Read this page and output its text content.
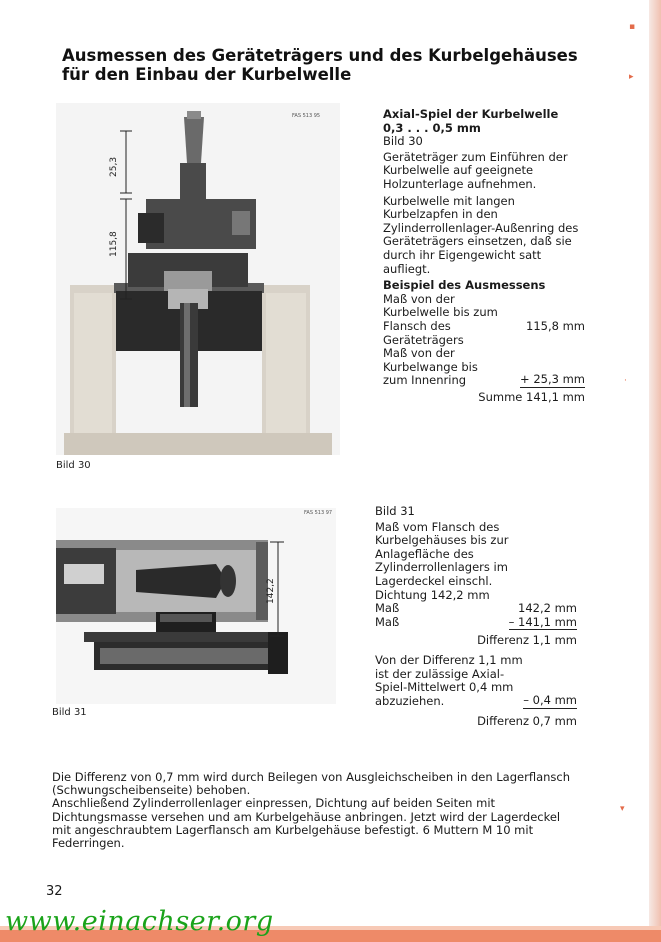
▪
▸
·
▾
Ausmessen des Geräteträgers und des Kurbelgehäuses für den Einbau der Kurbelwelle
25,3
115,8
FAS 513 95
Bild 30

Axial-Spiel der Kurbelwelle

0,3 . . . 0,5 mm

Bild 30

Geräteträger zum Einführen der Kurbelwelle auf geeignete Holzunterlage aufnehmen.

Kurbelwelle mit langen Kurbelzapfen in den Zylinderrollenlager-Außenring des Geräteträgers einsetzen, daß sie durch ihr Eigengewicht satt aufliegt.

Beispiel des Ausmessens

Maß von der Kurbelwelle bis zum Flansch des Geräteträgers
115,8 mm
Maß von der Kurbelwange bis zum Innenring	+ 25,3 mm

Summe 141,1 mm

142,2
FAS 513 97
Bild 31

Bild 31

Maß vom Flansch des Kurbelgehäuses bis zur Anlagefläche des Zylinderrollenlagers im Lagerdeckel einschl. Dichtung 142,2 mm

Maß	142,2 mm
Maß	– 141,1 mm

Differenz 1,1 mm

Von der Differenz 1,1 mm ist der zulässige Axial-Spiel-Mittelwert 0,4 mm abzuziehen.	– 0,4 mm

Differenz 0,7 mm

Die Differenz von 0,7 mm wird durch Beilegen von Ausgleichscheiben in den Lagerflansch (Schwungscheibenseite) behoben.

Anschließend Zylinderrollenlager einpressen, Dichtung auf beiden Seiten mit Dichtungsmasse versehen und am Kurbelgehäuse anbringen. Jetzt wird der Lagerdeckel mit angeschraubtem Lagerflansch am Kurbelgehäuse befestigt. 6 Muttern M 10 mit Federringen.

32
www.einachser.org
